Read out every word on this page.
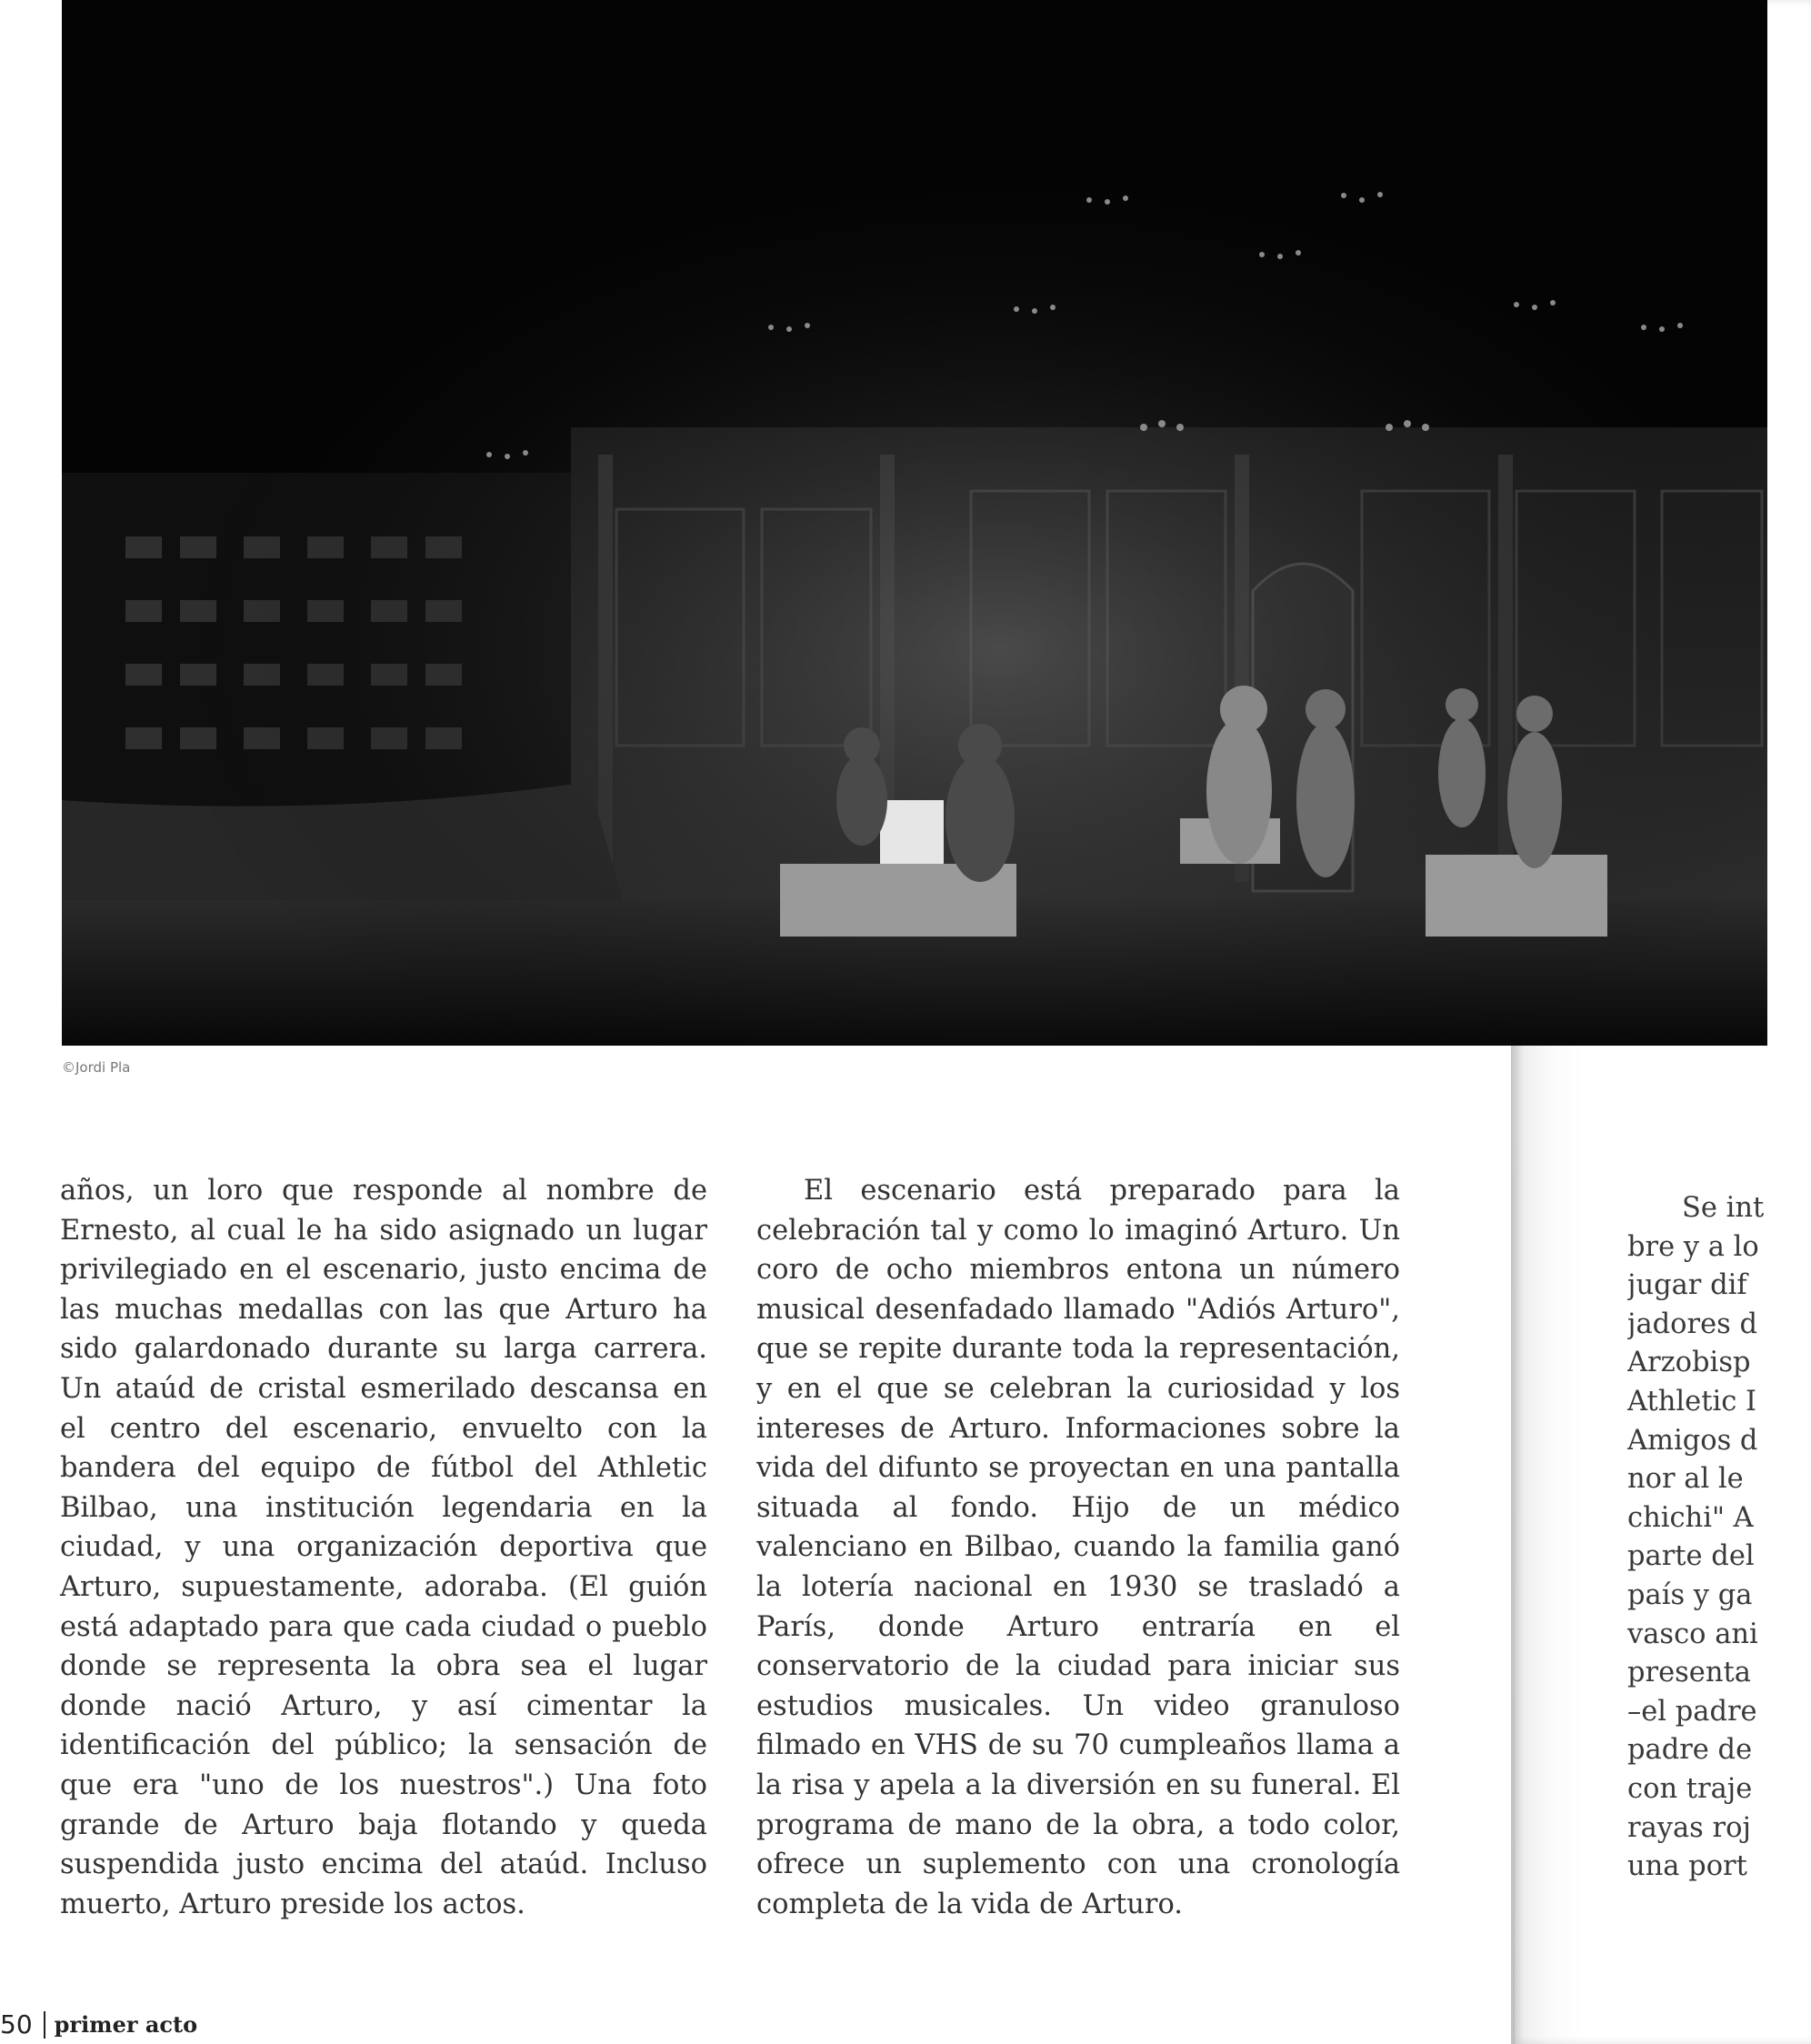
©Jordi Pla

años, un loro que responde al nombre de Ernesto, al cual le ha sido asignado un lugar privilegiado en el escenario, justo encima de las muchas medallas con las que Arturo ha sido galardonado durante su larga carrera. Un ataúd de cristal esmerilado descansa en el centro del escenario, envuelto con la bandera del equipo de fútbol del Athletic Bilbao, una institución legendaria en la ciudad, y una organización deportiva que Arturo, supuestamente, adoraba. (El guión está adaptado para que cada ciudad o pueblo donde se representa la obra sea el lugar donde nació Arturo, y así cimentar la identificación del público; la sensación de que era "uno de los nuestros".) Una foto grande de Arturo baja flotando y queda suspendida justo encima del ataúd. Incluso muerto, Arturo preside los actos.

El escenario está preparado para la celebración tal y como lo imaginó Arturo. Un coro de ocho miembros entona un número musical desenfadado llamado "Adiós Arturo", que se repite durante toda la representación, y en el que se celebran la curiosidad y los intereses de Arturo. Informaciones sobre la vida del difunto se proyectan en una pantalla situada al fondo. Hijo de un médico valenciano en Bilbao, cuando la familia ganó la lotería nacional en 1930 se trasladó a París, donde Arturo entraría en el conservatorio de la ciudad para iniciar sus estudios musicales. Un video granuloso filmado en VHS de su 70 cumpleaños llama a la risa y apela a la diversión en su funeral. El programa de mano de la obra, a todo color, ofrece un suplemento con una cronología completa de la vida de Arturo.

Se int
bre y a lo
jugar dif
jadores d
Arzobisp
Athletic I
Amigos d
nor al le
chichi" A
parte del
país y ga
vasco ani
presenta
–el padre
padre de
con traje
rayas roj
una port
50 primer acto
